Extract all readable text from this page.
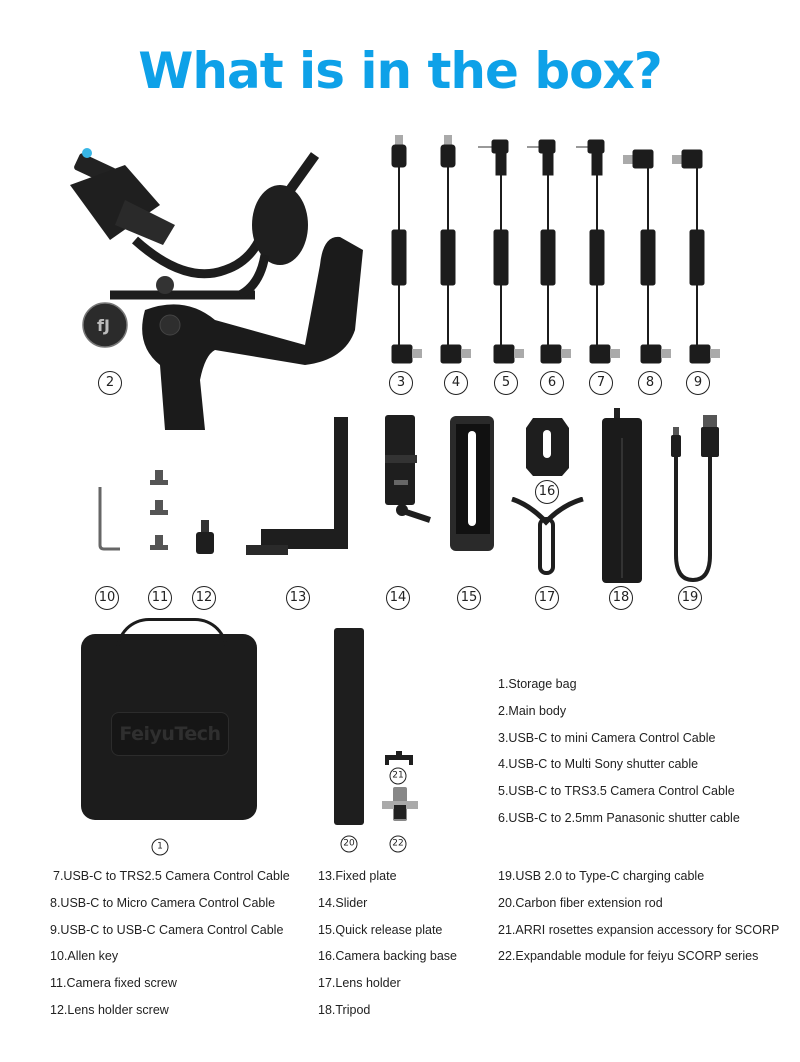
What is in the box?
fJ
2	3	4	5	6	7	8	9
16
10	11 12	13	14	15	17	18	19
FeiyuTech
1	20
21
22
1.Storage bag
2.Main body
3.USB-C to mini Camera Control Cable
4.USB-C to Multi Sony shutter cable
5.USB-C to TRS3.5 Camera Control Cable
6.USB-C to 2.5mm Panasonic shutter cable
7.USB-C to TRS2.5 Camera Control Cable
8.USB-C to Micro Camera Control Cable
9.USB-C to USB-C Camera Control Cable
10.Allen key
11.Camera fixed screw
12.Lens holder screw
13.Fixed plate
14.Slider
15.Quick release plate
16.Camera backing base
17.Lens holder
18.Tripod
19.USB 2.0 to Type-C charging cable
20.Carbon fiber extension rod
21.ARRI rosettes expansion accessory for SCORP
22.Expandable module for feiyu SCORP series
